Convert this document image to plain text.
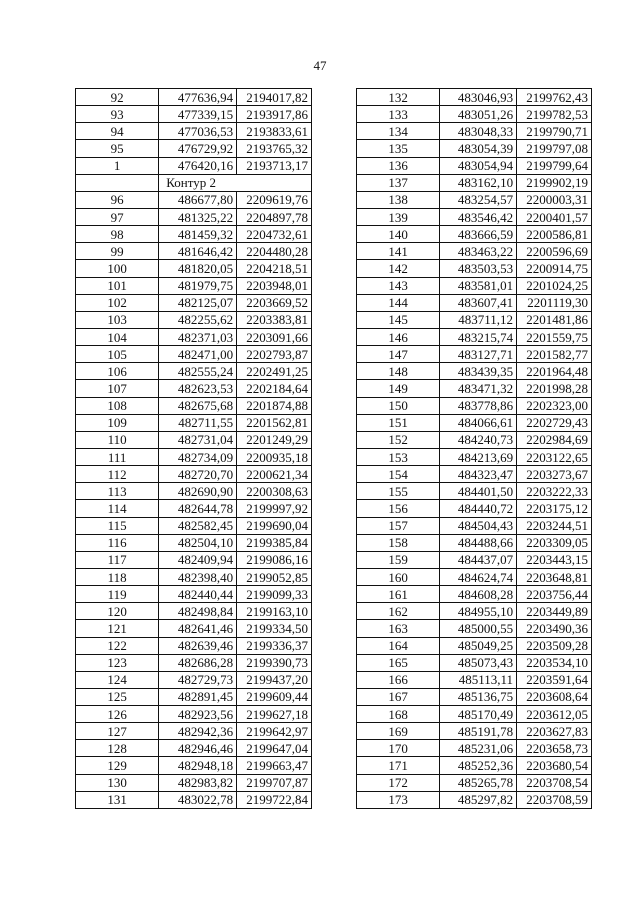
47
92	477636,94	2194017,82
93	477339,15	2193917,86
94	477036,53	2193833,61
95	476729,92	2193765,32
1	476420,16	2193713,17
	Контур 2	
96	486677,80	2209619,76
97	481325,22	2204897,78
98	481459,32	2204732,61
99	481646,42	2204480,28
100	481820,05	2204218,51
101	481979,75	2203948,01
102	482125,07	2203669,52
103	482255,62	2203383,81
104	482371,03	2203091,66
105	482471,00	2202793,87
106	482555,24	2202491,25
107	482623,53	2202184,64
108	482675,68	2201874,88
109	482711,55	2201562,81
110	482731,04	2201249,29
111	482734,09	2200935,18
112	482720,70	2200621,34
113	482690,90	2200308,63
114	482644,78	2199997,92
115	482582,45	2199690,04
116	482504,10	2199385,84
117	482409,94	2199086,16
118	482398,40	2199052,85
119	482440,44	2199099,33
120	482498,84	2199163,10
121	482641,46	2199334,50
122	482639,46	2199336,37
123	482686,28	2199390,73
124	482729,73	2199437,20
125	482891,45	2199609,44
126	482923,56	2199627,18
127	482942,36	2199642,97
128	482946,46	2199647,04
129	482948,18	2199663,47
130	482983,82	2199707,87
131	483022,78	2199722,84
132	483046,93	2199762,43
133	483051,26	2199782,53
134	483048,33	2199790,71
135	483054,39	2199797,08
136	483054,94	2199799,64
137	483162,10	2199902,19
138	483254,57	2200003,31
139	483546,42	2200401,57
140	483666,59	2200586,81
141	483463,22	2200596,69
142	483503,53	2200914,75
143	483581,01	2201024,25
144	483607,41	2201119,30
145	483711,12	2201481,86
146	483215,74	2201559,75
147	483127,71	2201582,77
148	483439,35	2201964,48
149	483471,32	2201998,28
150	483778,86	2202323,00
151	484066,61	2202729,43
152	484240,73	2202984,69
153	484213,69	2203122,65
154	484323,47	2203273,67
155	484401,50	2203222,33
156	484440,72	2203175,12
157	484504,43	2203244,51
158	484488,66	2203309,05
159	484437,07	2203443,15
160	484624,74	2203648,81
161	484608,28	2203756,44
162	484955,10	2203449,89
163	485000,55	2203490,36
164	485049,25	2203509,28
165	485073,43	2203534,10
166	485113,11	2203591,64
167	485136,75	2203608,64
168	485170,49	2203612,05
169	485191,78	2203627,83
170	485231,06	2203658,73
171	485252,36	2203680,54
172	485265,78	2203708,54
173	485297,82	2203708,59
